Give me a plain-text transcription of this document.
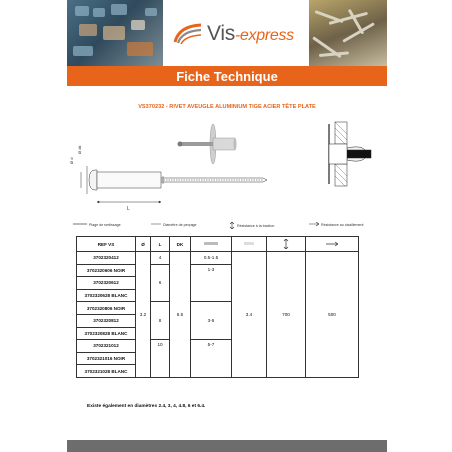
Vis-express
Fiche Technique
VS370232 - RIVET AVEUGLE ALUMINIUM TIGE ACIER TÊTE PLATE
Ø d
Ø dk
L
Plage de sertissage	Diamètre de perçage	Résistance à la traction	Résistance au cisaillement
REF VS	Ø	L	DK				
3702320412	3.2	4	6.5	0.5-1.5	3.4	700	500
3702320606 NOIR		6		1-3			
3702320612							
3702320628 BLANC							
3702320806 NOIR		8		3-5			
3702320812							
3702320828 BLANC							
3702321012		10		5-7			
3702321016 NOIR							
3702321028 BLANC							
Existe également en diamètres 2.4, 3, 4, 4.8, 6 et 6.4.
